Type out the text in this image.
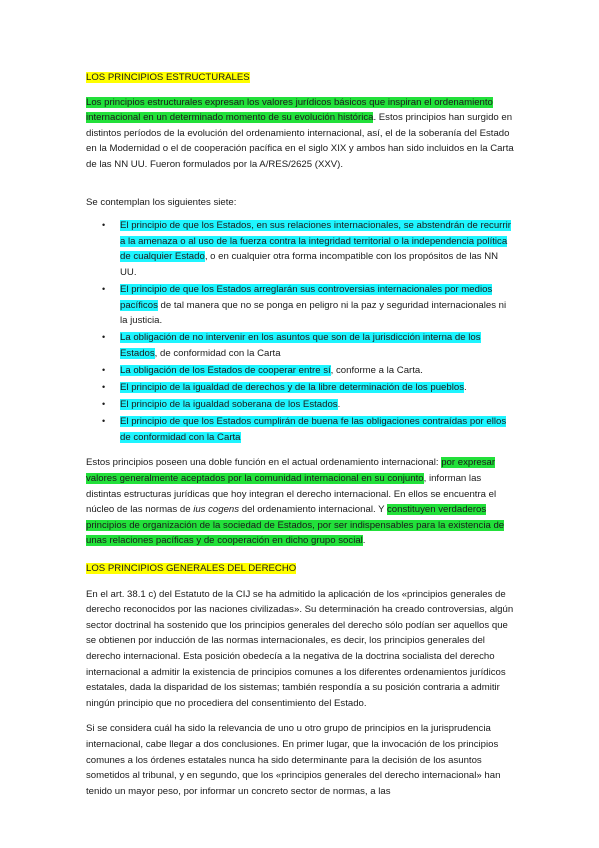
LOS PRINCIPIOS ESTRUCTURALES

Los principios estructurales expresan los valores jurídicos básicos que inspiran el ordenamiento internacional en un determinado momento de su evolución histórica. Estos principios han surgido en distintos períodos de la evolución del ordenamiento internacional, así, el de la soberanía del Estado en la Modernidad o el de cooperación pacífica en el siglo XIX y ambos han sido incluidos en la Carta de las NN UU. Fueron formulados por la A/RES/2625 (XXV).

Se contemplan los siguientes siete:

• El principio de que los Estados, en sus relaciones internacionales, se abstendrán de recurrir a la amenaza o al uso de la fuerza contra la integridad territorial o la independencia política de cualquier Estado, o en cualquier otra forma incompatible con los propósitos de las NN UU.
• El principio de que los Estados arreglarán sus controversias internacionales por medios pacíficos de tal manera que no se ponga en peligro ni la paz y seguridad internacionales ni la justicia.
• La obligación de no intervenir en los asuntos que son de la jurisdicción interna de los Estados, de conformidad con la Carta
• La obligación de los Estados de cooperar entre sí, conforme a la Carta.
• El principio de la igualdad de derechos y de la libre determinación de los pueblos.
• El principio de la igualdad soberana de los Estados.
• El principio de que los Estados cumplirán de buena fe las obligaciones contraídas por ellos de conformidad con la Carta

Estos principios poseen una doble función en el actual ordenamiento internacional: por expresar valores generalmente aceptados por la comunidad internacional en su conjunto, informan las distintas estructuras jurídicas que hoy integran el derecho internacional. En ellos se encuentra el núcleo de las normas de ius cogens del ordenamiento internacional. Y constituyen verdaderos principios de organización de la sociedad de Estados, por ser indispensables para la existencia de unas relaciones pacíficas y de cooperación en dicho grupo social.

LOS PRINCIPIOS GENERALES DEL DERECHO

En el art. 38.1 c) del Estatuto de la CIJ se ha admitido la aplicación de los «principios generales de derecho reconocidos por las naciones civilizadas». Su determinación ha creado controversias, algún sector doctrinal ha sostenido que los principios generales del derecho sólo podían ser aquellos que se obtienen por inducción de las normas internacionales, es decir, los principios generales del derecho internacional. Esta posición obedecía a la negativa de la doctrina socialista del derecho internacional a admitir la existencia de principios comunes a los diferentes ordenamientos jurídicos estatales, dada la disparidad de los sistemas; también respondía a su posición contraria a admitir ningún principio que no procediera del consentimiento del Estado.

Si se considera cuál ha sido la relevancia de uno u otro grupo de principios en la jurisprudencia internacional, cabe llegar a dos conclusiones. En primer lugar, que la invocación de los principios comunes a los órdenes estatales nunca ha sido determinante para la decisión de los asuntos sometidos al tribunal, y en segundo, que los «principios generales del derecho internacional» han tenido un mayor peso, por informar un concreto sector de normas, a las
